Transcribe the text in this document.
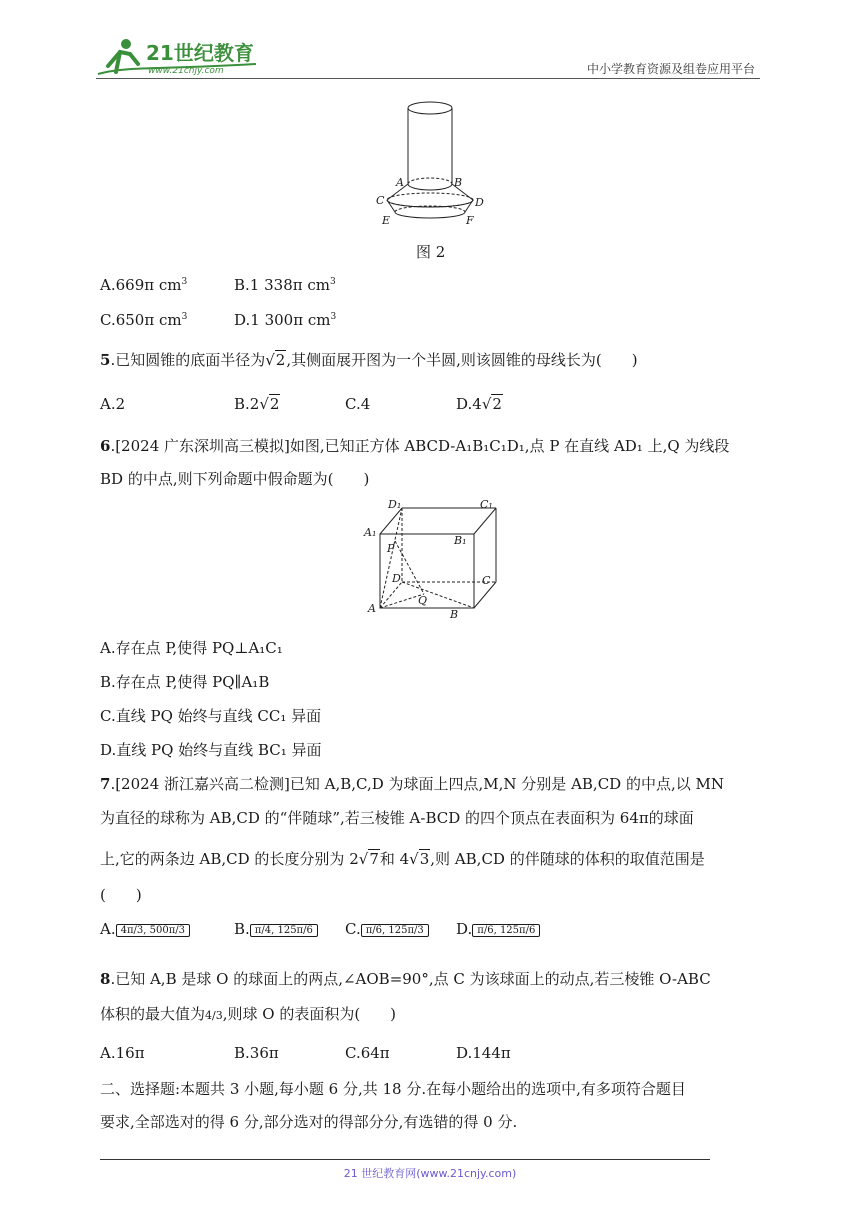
21世纪教育
www.21cnjy.com	中小学教育资源及组卷应用平台
A	B
C	D
E	F
图 2
A.669π $cm^3$	B.1 338π $cm^3$
C.650π $cm^3$	D.1 300π $cm^3$
5.已知圆锥的底面半径为√2,其侧面展开图为一个半圆,则该圆锥的母线长为(　　)
A.2	B.2√2	C.4	D.4√2
6.[2024 广东深圳高三模拟]如图,已知正方体 ABCD-A₁B₁C₁D₁,点 P 在直线 AD₁ 上,Q 为线段
BD 的中点,则下列命题中假命题为(　　)
D₁	C₁
A₁
B₁
P
D	C
Q
A	B
A.存在点 P,使得 PQ⊥A₁C₁
B.存在点 P,使得 PQ∥A₁B
C.直线 PQ 始终与直线 CC₁ 异面
D.直线 PQ 始终与直线 BC₁ 异面
7.[2024 浙江嘉兴高二检测]已知 A,B,C,D 为球面上四点,M,N 分别是 AB,CD 的中点,以 MN
为直径的球称为 AB,CD 的“伴随球”,若三棱锥 A-BCD 的四个顶点在表面积为 64π的球面
上,它的两条边 AB,CD 的长度分别为 2√7和 4√3,则 AB,CD 的伴随球的体积的取值范围是
(　　)
A. 4π/3, 500π/3	B. π/4, 125π/6	C. π/6, 125π/3	D. π/6, 125π/6
8.已知 A,B 是球 O 的球面上的两点,∠AOB=90°,点 C 为该球面上的动点,若三棱锥 O-ABC
体积的最大值为4/3,则球 O 的表面积为(　　)
A.16π	B.36π	C.64π	D.144π
二、选择题:本题共 3 小题,每小题 6 分,共 18 分.在每小题给出的选项中,有多项符合题目
要求,全部选对的得 6 分,部分选对的得部分分,有选错的得 0 分.
21 世纪教育网(www.21cnjy.com)
